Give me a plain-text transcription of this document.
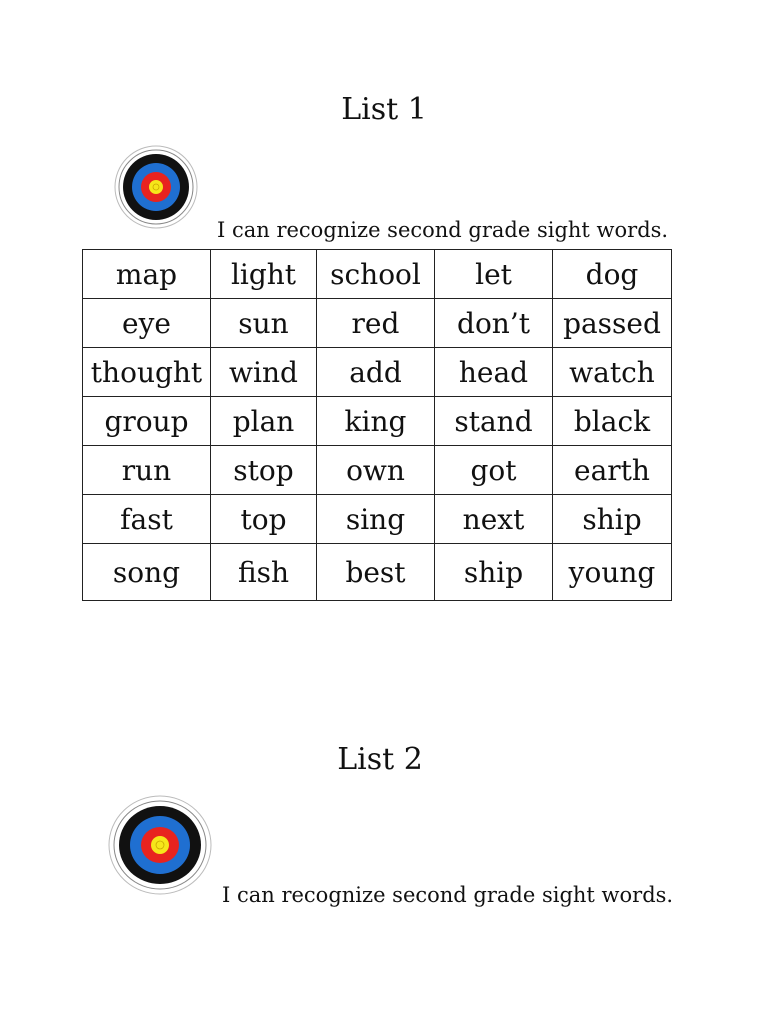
List 1
I can recognize second grade sight words.
map	light	school	let	dog
eye	sun	red	don’t	passed
thought	wind	add	head	watch
group	plan	king	stand	black
run	stop	own	got	earth
fast	top	sing	next	ship
song	fish	best	ship	young
List 2
I can recognize second grade sight words.
